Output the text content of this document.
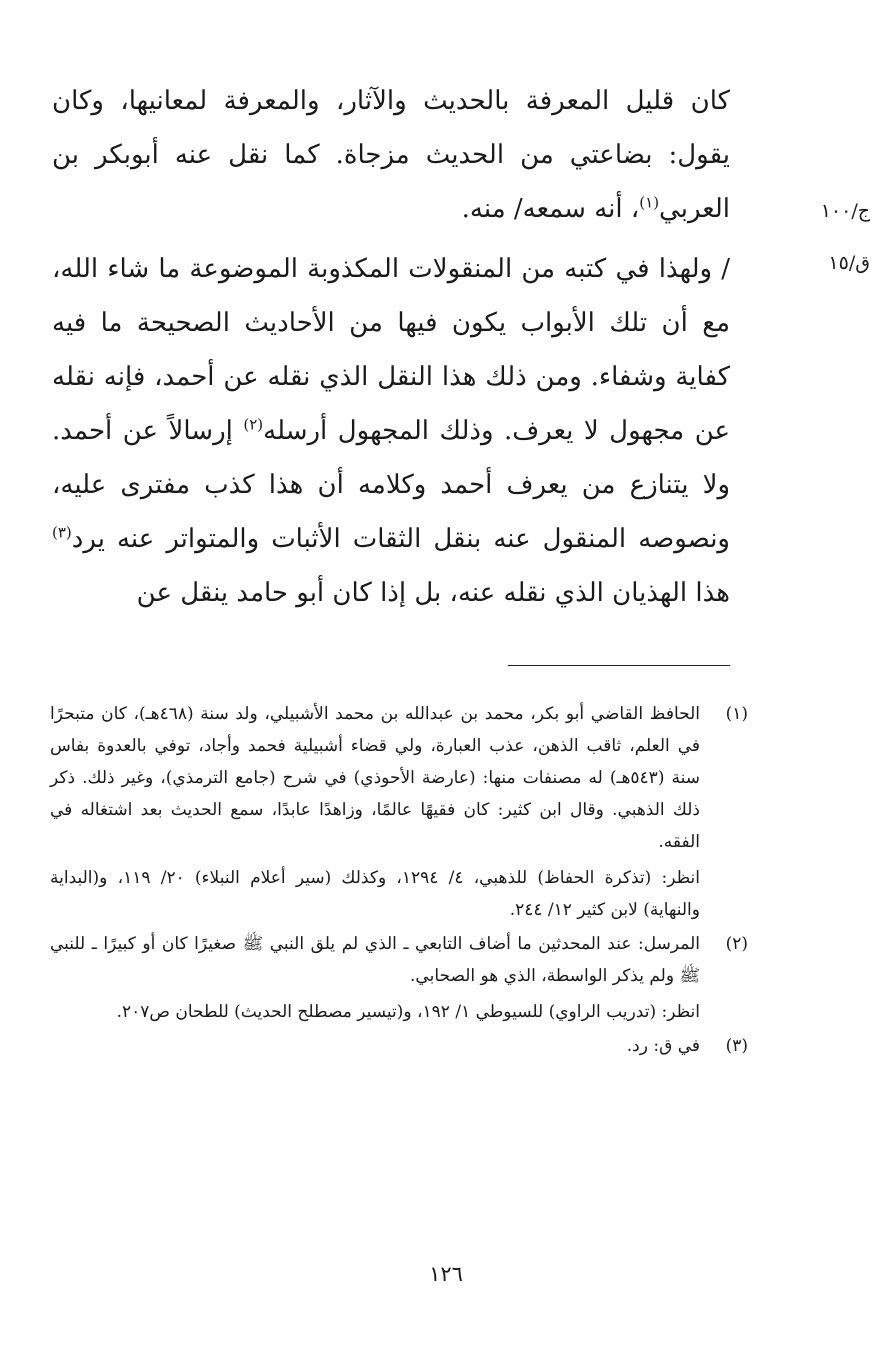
ج/١٠٠
ق/١٥

كان قليل المعرفة بالحديث والآثار، والمعرفة لمعانيها، وكان يقول: بضاعتي من الحديث مزجاة. كما نقل عنه أبوبكر بن العربي$^{(١)}$، أنه سمعه/ منه.

/ ولهذا في كتبه من المنقولات المكذوبة الموضوعة ما شاء الله، مع أن تلك الأبواب يكون فيها من الأحاديث الصحيحة ما فيه كفاية وشفاء. ومن ذلك هذا النقل الذي نقله عن أحمد، فإنه نقله عن مجهول لا يعرف. وذلك المجهول أرسله$^{(٢)}$ إرسالاً عن أحمد. ولا يتنازع من يعرف أحمد وكلامه أن هذا كذب مفترى عليه، ونصوصه المنقول عنه بنقل الثقات الأثبات والمتواتر عنه يرد$^{(٣)}$ هذا الهذيان الذي نقله عنه، بل إذا كان أبو حامد ينقل عن

(١)

الحافظ القاضي أبو بكر، محمد بن عبدالله بن محمد الأشبيلي، ولد سنة (٤٦٨هـ)، كان متبحرًا في العلم، ثاقب الذهن، عذب العبارة، ولي قضاء أشبيلية فحمد وأجاد، توفي بالعدوة بفاس سنة (٥٤٣هـ) له مصنفات منها: (عارضة الأحوذي) في شرح (جامع الترمذي)، وغير ذلك. ذكر ذلك الذهبي. وقال ابن كثير: كان فقيهًا عالمًا، وزاهدًا عابدًا، سمع الحديث بعد اشتغاله في الفقه.

انظر: (تذكرة الحفاظ) للذهبي، ٤/ ١٢٩٤، وكذلك (سير أعلام النبلاء) ٢٠/ ١١٩، و(البداية والنهاية) لابن كثير ١٢/ ٢٤٤.

(٢)

المرسل: عند المحدثين ما أضاف التابعي ـ الذي لم يلق النبي ﷺ صغيرًا كان أو كبيرًا ـ للنبي ﷺ ولم يذكر الواسطة، الذي هو الصحابي.

انظر: (تدريب الراوي) للسيوطي ١/ ١٩٢، و(تيسير مصطلح الحديث) للطحان ص٢٠٧.

(٣)

في ق: رد.

١٢٦
